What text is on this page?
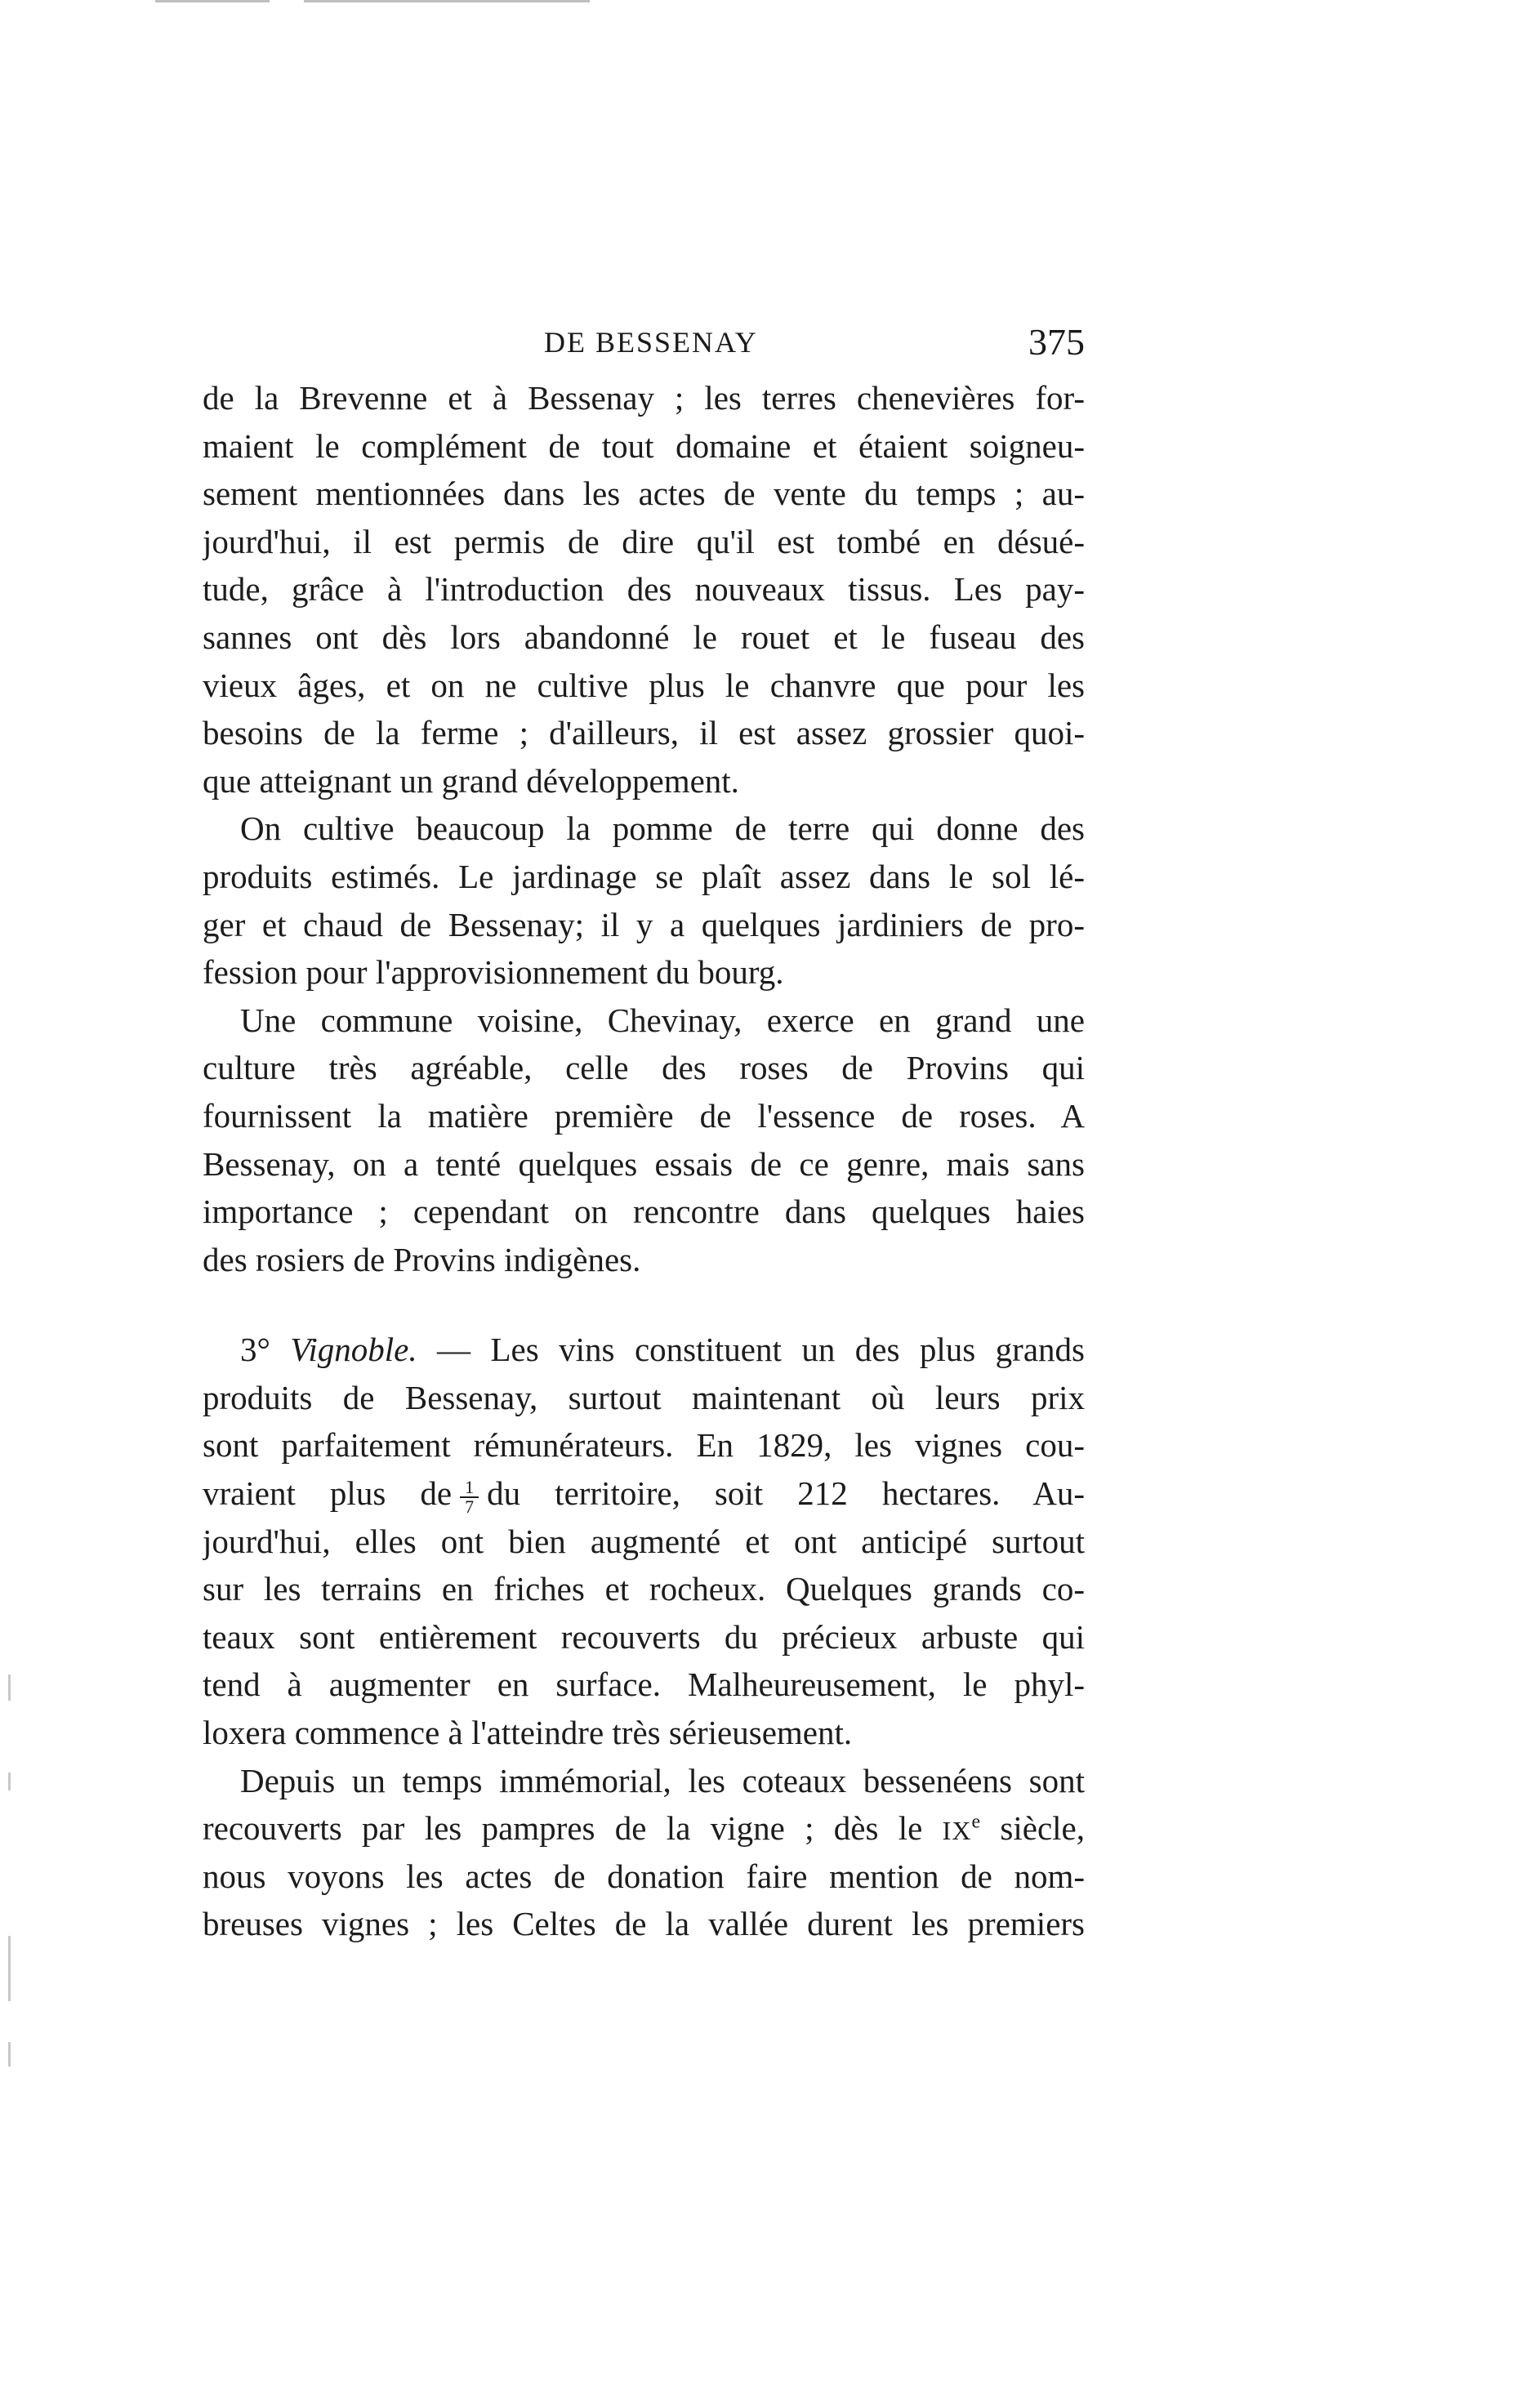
DE BESSENAY	375
de la Brevenne et à Bessenay ; les terres chenevières for-
maient le complément de tout domaine et étaient soigneu-
sement mentionnées dans les actes de vente du temps ; au-
jourd'hui, il est permis de dire qu'il est tombé en désué-
tude, grâce à l'introduction des nouveaux tissus. Les pay-
sannes ont dès lors abandonné le rouet et le fuseau des
vieux âges, et on ne cultive plus le chanvre que pour les
besoins de la ferme ; d'ailleurs, il est assez grossier quoi-
que atteignant un grand développement.
On cultive beaucoup la pomme de terre qui donne des
produits estimés. Le jardinage se plaît assez dans le sol lé-
ger et chaud de Bessenay; il y a quelques jardiniers de pro-
fession pour l'approvisionnement du bourg.
Une commune voisine, Chevinay, exerce en grand une
culture très agréable, celle des roses de Provins qui
fournissent la matière première de l'essence de roses. A
Bessenay, on a tenté quelques essais de ce genre, mais sans
importance ; cependant on rencontre dans quelques haies
des rosiers de Provins indigènes.
3° Vignoble. — Les vins constituent un des plus grands
produits de Bessenay, surtout maintenant où leurs prix
sont parfaitement rémunérateurs. En 1829, les vignes cou-
vraient plus de $\frac{1}{7}$ du territoire, soit 212 hectares. Au-
jourd'hui, elles ont bien augmenté et ont anticipé surtout
sur les terrains en friches et rocheux. Quelques grands co-
teaux sont entièrement recouverts du précieux arbuste qui
tend à augmenter en surface. Malheureusement, le phyl-
loxera commence à l'atteindre très sérieusement.
Depuis un temps immémorial, les coteaux bessenéens sont
recouverts par les pampres de la vigne ; dès le IXe siècle,
nous voyons les actes de donation faire mention de nom-
breuses vignes ; les Celtes de la vallée durent les premiers
